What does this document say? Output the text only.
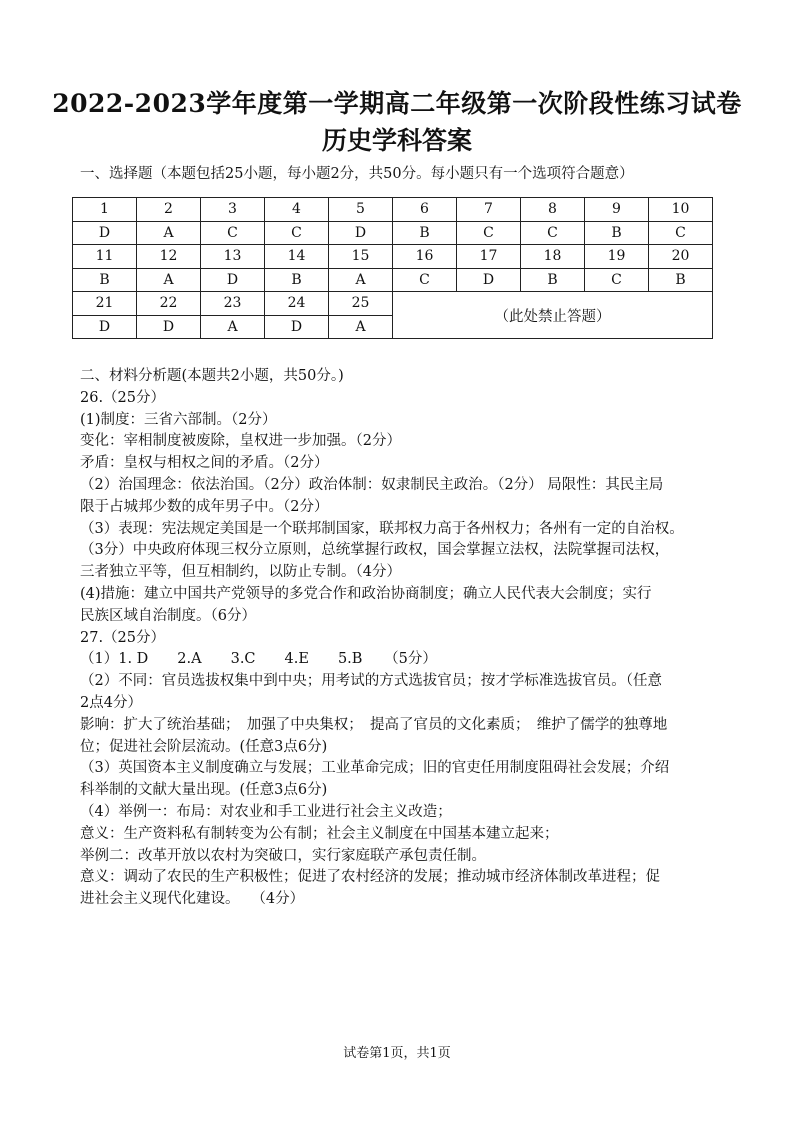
2022-2023学年度第一学期高二年级第一次阶段性练习试卷
历史学科答案
一、选择题（本题包括25小题，每小题2分，共50分。每小题只有一个选项符合题意）
1	2	3	4	5	6	7	8	9	10
D	A	C	C	D	B	C	C	B	C
11	12	13	14	15	16	17	18	19	20
B	A	D	B	A	C	D	B	C	B
21	22	23	24	25	（此处禁止答题）				
D	D	A	D	A					
二、材料分析题(本题共2小题，共50分。)
26.（25分）
(1)制度：三省六部制。（2分）
变化：宰相制度被废除，皇权进一步加强。（2分）
矛盾：皇权与相权之间的矛盾。（2分）
（2）治国理念：依法治国。（2分）政治体制：奴隶制民主政治。（2分） 局限性：其民主局
限于占城邦少数的成年男子中。（2分）
（3）表现：宪法规定美国是一个联邦制国家，联邦权力高于各州权力；各州有一定的自治权。
（3分）中央政府体现三权分立原则，总统掌握行政权，国会掌握立法权，法院掌握司法权，
三者独立平等，但互相制约，以防止专制。（4分）
(4)措施：建立中国共产党领导的多党合作和政治协商制度；确立人民代表大会制度；实行
民族区域自治制度。（6分）
27.（25分）
（1）1. D　　2.A　　3.C　　4.E　　5.B　　（5分）
（2）不同：官员选拔权集中到中央；用考试的方式选拔官员；按才学标准选拔官员。（任意
2点4分）
影响：扩大了统治基础；　加强了中央集权；　提高了官员的文化素质；　维护了儒学的独尊地
位；促进社会阶层流动。(任意3点6分)
（3）英国资本主义制度确立与发展；工业革命完成；旧的官吏任用制度阻碍社会发展；介绍
科举制的文献大量出现。(任意3点6分)
（4）举例一：布局：对农业和手工业进行社会主义改造；
意义：生产资料私有制转变为公有制；社会主义制度在中国基本建立起来；
举例二：改革开放以农村为突破口，实行家庭联产承包责任制。
意义：调动了农民的生产积极性；促进了农村经济的发展；推动城市经济体制改革进程；促
进社会主义现代化建设。　 （4分）
试卷第1页，共1页
